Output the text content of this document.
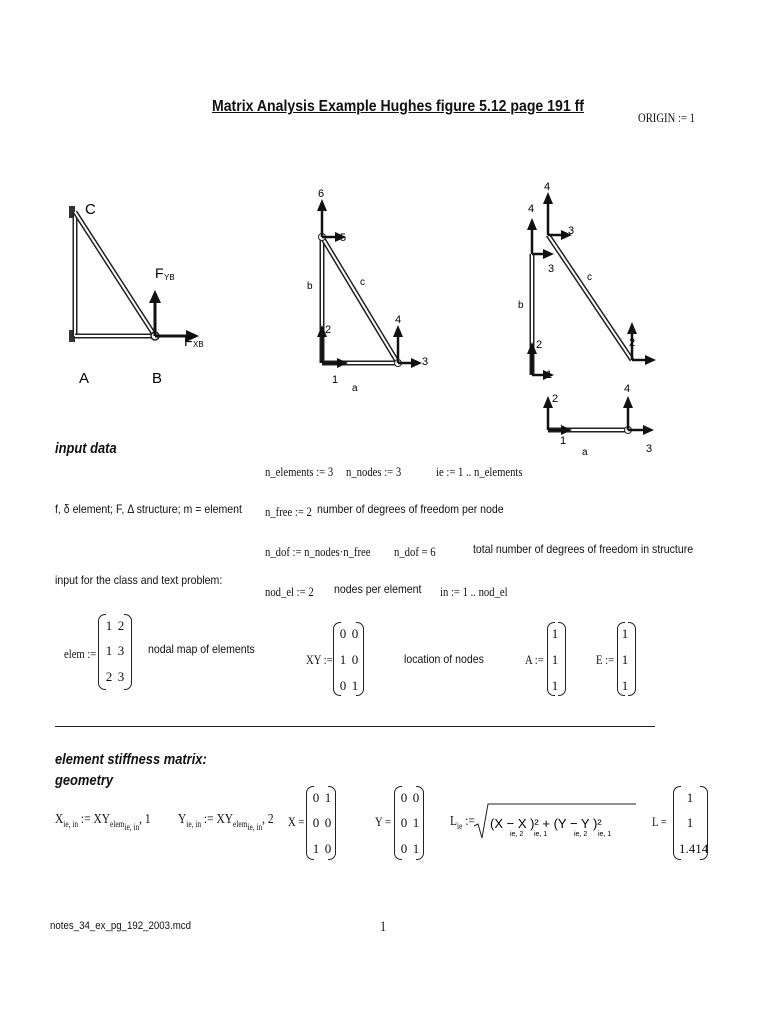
Matrix Analysis Example Hughes figure 5.12 page 191 ff
ORIGIN := 1
C
A	B
F YB
F XB
6
5
b	c
2
4
3
1
a
4
4
3
3
c
b
2	2
1
4
2
1
3
a
input data
n_elements := 3 n_nodes := 3	ie := 1 .. n_elements
f, δ element; F, Δ structure; m = element n_free := 2 number of degrees of freedom per node
n_dof := n_nodes·n_free n_dof = 6	total number of degrees of freedom in structure
input for the class and text problem:
nod_el := 2 nodes per element in := 1 .. nod_el
elem :=
1 2
1 3
2 3
nodal map of elements
XY :=
0 0
1 0
0 1
location of nodes	A :=
1
1
1
E :=
1
1
1
element stiffness matrix:
geometry
$X_{ie, in}$ := $XY_{elem_{ie, in}}$, 1 $Y_{ie, in}$ := $XY_{elem_{ie, in}}$, 2 X =
0 1
0 0
1 0
Y =
0 0
0 1
0 1
$L_{ie}$ := (X − X )² + (Y − Y )²
ie, 2 ie, 1	ie, 2 ie, 1
L =
1
1
1.414
notes_34_ex_pg_192_2003.mcd	1
